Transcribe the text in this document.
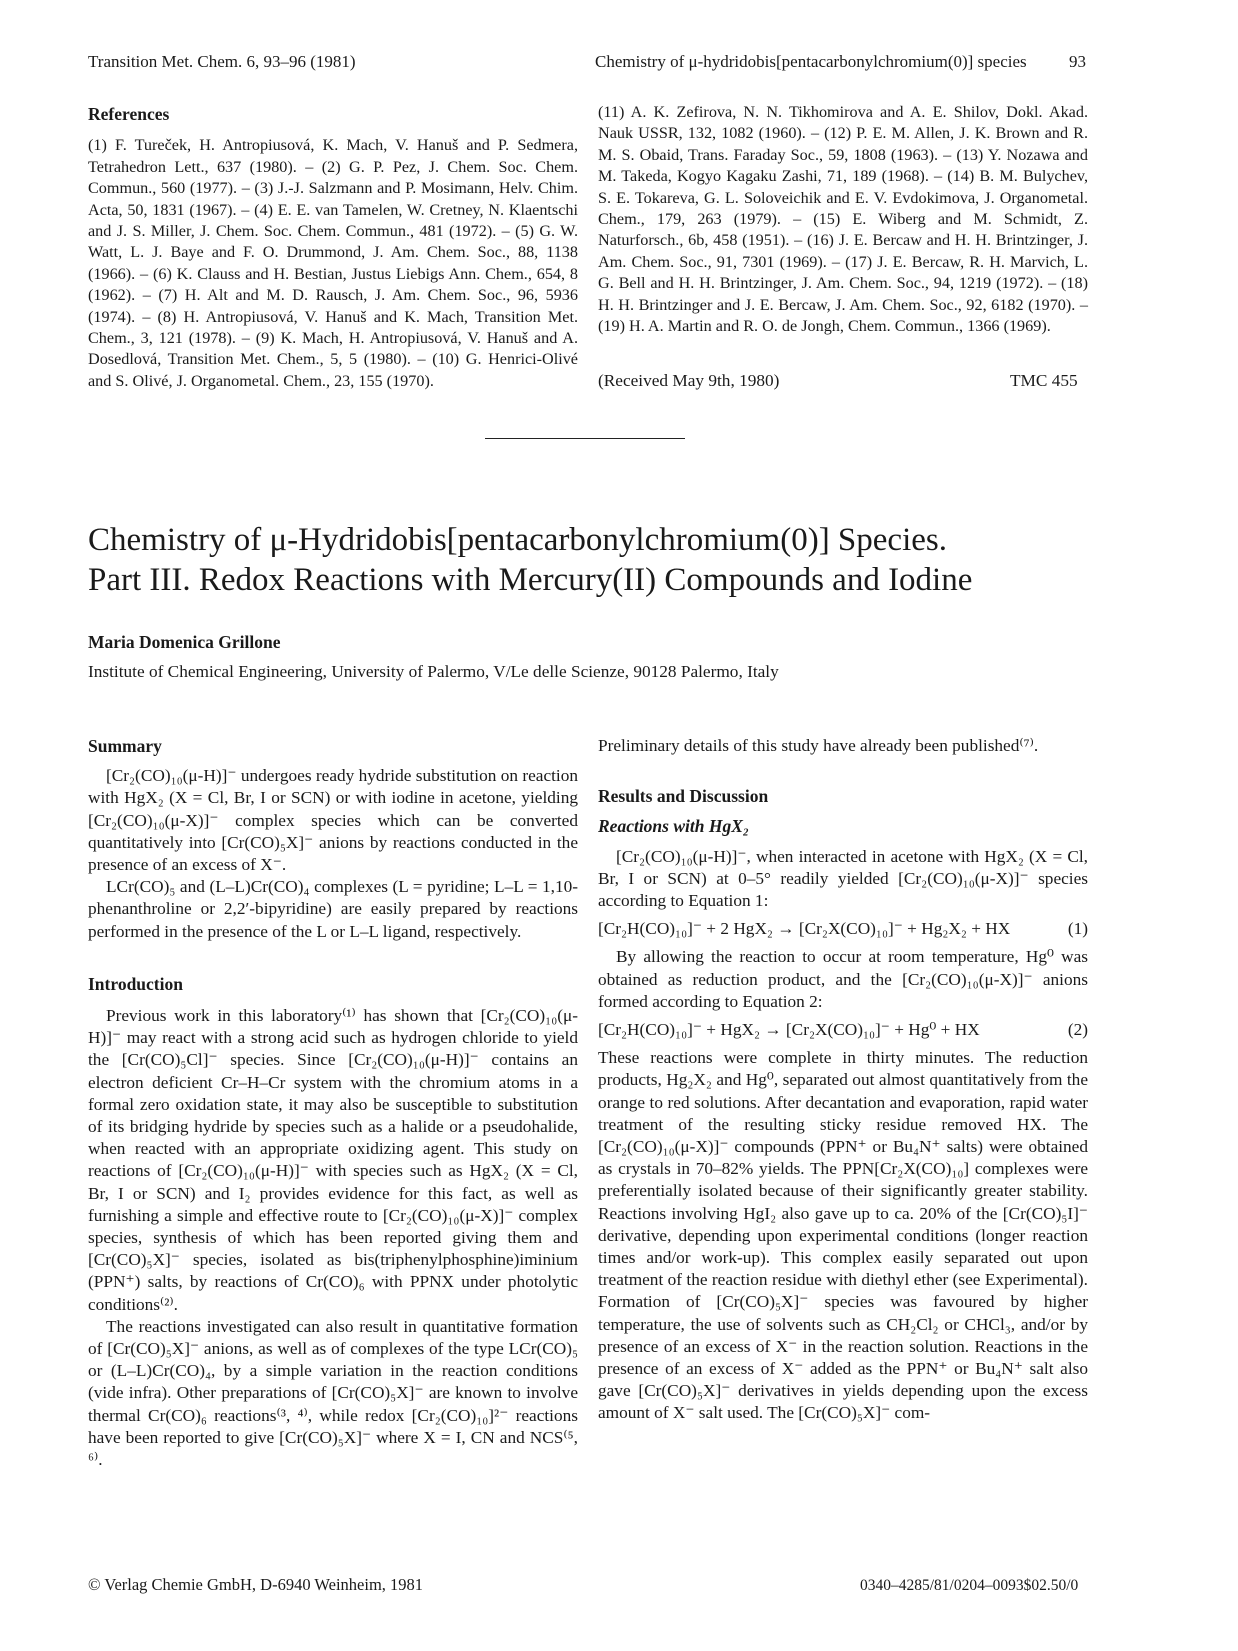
Transition Met. Chem. 6, 93–96 (1981)	Chemistry of μ-hydridobis[pentacarbonylchromium(0)] species 93
References

(1) F. Tureček, H. Antropiusová, K. Mach, V. Hanuš and P. Sedmera, Tetrahedron Lett., 637 (1980). – (2) G. P. Pez, J. Chem. Soc. Chem. Commun., 560 (1977). – (3) J.-J. Salzmann and P. Mosimann, Helv. Chim. Acta, 50, 1831 (1967). – (4) E. E. van Tamelen, W. Cretney, N. Klaentschi and J. S. Miller, J. Chem. Soc. Chem. Commun., 481 (1972). – (5) G. W. Watt, L. J. Baye and F. O. Drummond, J. Am. Chem. Soc., 88, 1138 (1966). – (6) K. Clauss and H. Bestian, Justus Liebigs Ann. Chem., 654, 8 (1962). – (7) H. Alt and M. D. Rausch, J. Am. Chem. Soc., 96, 5936 (1974). – (8) H. Antropiusová, V. Hanuš and K. Mach, Transition Met. Chem., 3, 121 (1978). – (9) K. Mach, H. Antropiusová, V. Hanuš and A. Dosedlová, Transition Met. Chem., 5, 5 (1980). – (10) G. Henrici-Olivé and S. Olivé, J. Organometal. Chem., 23, 155 (1970).

(11) A. K. Zefirova, N. N. Tikhomirova and A. E. Shilov, Dokl. Akad. Nauk USSR, 132, 1082 (1960). – (12) P. E. M. Allen, J. K. Brown and R. M. S. Obaid, Trans. Faraday Soc., 59, 1808 (1963). – (13) Y. Nozawa and M. Takeda, Kogyo Kagaku Zashi, 71, 189 (1968). – (14) B. M. Bulychev, S. E. Tokareva, G. L. Soloveichik and E. V. Evdokimova, J. Organometal. Chem., 179, 263 (1979). – (15) E. Wiberg and M. Schmidt, Z. Naturforsch., 6b, 458 (1951). – (16) J. E. Bercaw and H. H. Brintzinger, J. Am. Chem. Soc., 91, 7301 (1969). – (17) J. E. Bercaw, R. H. Marvich, L. G. Bell and H. H. Brintzinger, J. Am. Chem. Soc., 94, 1219 (1972). – (18) H. H. Brintzinger and J. E. Bercaw, J. Am. Chem. Soc., 92, 6182 (1970). – (19) H. A. Martin and R. O. de Jongh, Chem. Commun., 1366 (1969).

(Received May 9th, 1980)	TMC 455
Chemistry of μ-Hydridobis[pentacarbonylchromium(0)] Species.
Part III. Redox Reactions with Mercury(II) Compounds and Iodine
Maria Domenica Grillone
Institute of Chemical Engineering, University of Palermo, V/Le delle Scienze, 90128 Palermo, Italy
Summary

[Cr₂(CO)₁₀(μ-H)]⁻ undergoes ready hydride substitution on reaction with HgX₂ (X = Cl, Br, I or SCN) or with iodine in acetone, yielding [Cr₂(CO)₁₀(μ-X)]⁻ complex species which can be converted quantitatively into [Cr(CO)₅X]⁻ anions by reactions conducted in the presence of an excess of X⁻.

LCr(CO)₅ and (L–L)Cr(CO)₄ complexes (L = pyridine; L–L = 1,10-phenanthroline or 2,2′-bipyridine) are easily prepared by reactions performed in the presence of the L or L–L ligand, respectively.

Introduction

Previous work in this laboratory⁽¹⁾ has shown that [Cr₂(CO)₁₀(μ-H)]⁻ may react with a strong acid such as hydrogen chloride to yield the [Cr(CO)₅Cl]⁻ species. Since [Cr₂(CO)₁₀(μ-H)]⁻ contains an electron deficient Cr–H–Cr system with the chromium atoms in a formal zero oxidation state, it may also be susceptible to substitution of its bridging hydride by species such as a halide or a pseudohalide, when reacted with an appropriate oxidizing agent. This study on reactions of [Cr₂(CO)₁₀(μ-H)]⁻ with species such as HgX₂ (X = Cl, Br, I or SCN) and I₂ provides evidence for this fact, as well as furnishing a simple and effective route to [Cr₂(CO)₁₀(μ-X)]⁻ complex species, synthesis of which has been reported giving them and [Cr(CO)₅X]⁻ species, isolated as bis(triphenylphosphine)iminium (PPN⁺) salts, by reactions of Cr(CO)₆ with PPNX under photolytic conditions⁽²⁾.

The reactions investigated can also result in quantitative formation of [Cr(CO)₅X]⁻ anions, as well as of complexes of the type LCr(CO)₅ or (L–L)Cr(CO)₄, by a simple variation in the reaction conditions (vide infra). Other preparations of [Cr(CO)₅X]⁻ are known to involve thermal Cr(CO)₆ reactions⁽³, ⁴⁾, while redox [Cr₂(CO)₁₀]²⁻ reactions have been reported to give [Cr(CO)₅X]⁻ where X = I, CN and NCS⁽⁵, ⁶⁾.

Preliminary details of this study have already been published⁽⁷⁾.

Results and Discussion
Reactions with HgX₂

[Cr₂(CO)₁₀(μ-H)]⁻, when interacted in acetone with HgX₂ (X = Cl, Br, I or SCN) at 0–5° readily yielded [Cr₂(CO)₁₀(μ-X)]⁻ species according to Equation 1:

[Cr₂H(CO)₁₀]⁻ + 2 HgX₂ → [Cr₂X(CO)₁₀]⁻ + Hg₂X₂ + HX	(1)

By allowing the reaction to occur at room temperature, Hg⁰ was obtained as reduction product, and the [Cr₂(CO)₁₀(μ-X)]⁻ anions formed according to Equation 2:

[Cr₂H(CO)₁₀]⁻ + HgX₂ → [Cr₂X(CO)₁₀]⁻ + Hg⁰ + HX	(2)

These reactions were complete in thirty minutes. The reduction products, Hg₂X₂ and Hg⁰, separated out almost quantitatively from the orange to red solutions. After decantation and evaporation, rapid water treatment of the resulting sticky residue removed HX. The [Cr₂(CO)₁₀(μ-X)]⁻ compounds (PPN⁺ or Bu₄N⁺ salts) were obtained as crystals in 70–82% yields. The PPN[Cr₂X(CO)₁₀] complexes were preferentially isolated because of their significantly greater stability. Reactions involving HgI₂ also gave up to ca. 20% of the [Cr(CO)₅I]⁻ derivative, depending upon experimental conditions (longer reaction times and/or work-up). This complex easily separated out upon treatment of the reaction residue with diethyl ether (see Experimental). Formation of [Cr(CO)₅X]⁻ species was favoured by higher temperature, the use of solvents such as CH₂Cl₂ or CHCl₃, and/or by presence of an excess of X⁻ in the reaction solution. Reactions in the presence of an excess of X⁻ added as the PPN⁺ or Bu₄N⁺ salt also gave [Cr(CO)₅X]⁻ derivatives in yields depending upon the excess amount of X⁻ salt used. The [Cr(CO)₅X]⁻ com-

© Verlag Chemie GmbH, D-6940 Weinheim, 1981	0340–4285/81/0204–0093$02.50/0
